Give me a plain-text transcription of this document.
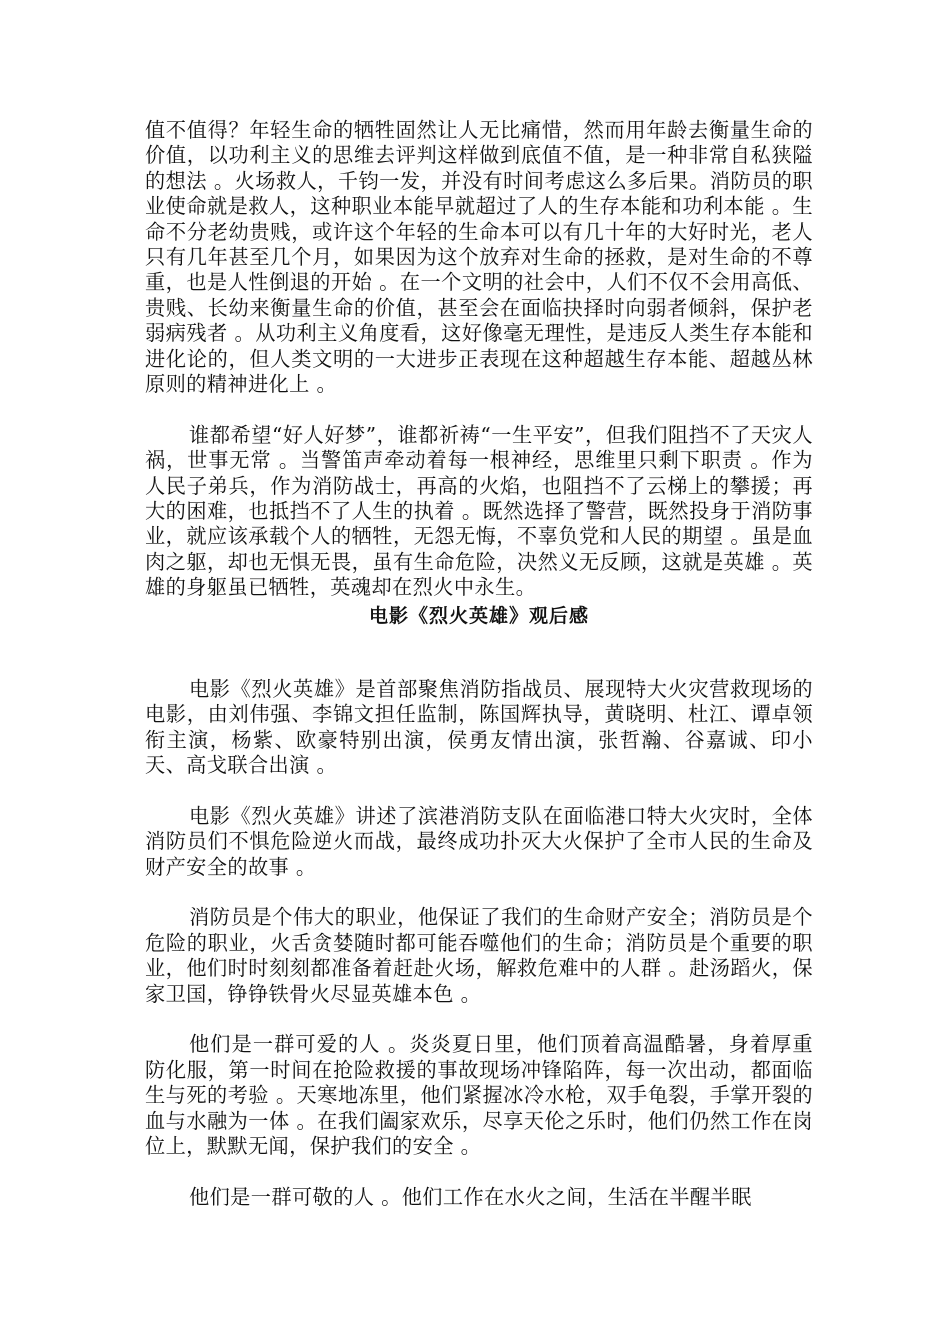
值不值得？年轻生命的牺牲固然让人无比痛惜，然而用年龄去衡量生命的价值，以功利主义的思维去评判这样做到底值不值，是一种非常自私狭隘的想法 。火场救人，千钧一发，并没有时间考虑这么多后果。消防员的职业使命就是救人，这种职业本能早就超过了人的生存本能和功利本能 。生命不分老幼贵贱，或许这个年轻的生命本可以有几十年的大好时光，老人只有几年甚至几个月，如果因为这个放弃对生命的拯救，是对生命的不尊重，也是人性倒退的开始 。在一个文明的社会中，人们不仅不会用高低、贵贱、长幼来衡量生命的价值，甚至会在面临抉择时向弱者倾斜，保护老弱病残者 。从功利主义角度看，这好像毫无理性，是违反人类生存本能和进化论的，但人类文明的一大进步正表现在这种超越生存本能、超越丛林原则的精神进化上 。

谁都希望“好人好梦”，谁都祈祷“一生平安”，但我们阻挡不了天灾人祸，世事无常 。当警笛声牵动着每一根神经，思维里只剩下职责 。作为人民子弟兵，作为消防战士，再高的火焰，也阻挡不了云梯上的攀援；再大的困难，也抵挡不了人生的执着 。既然选择了警营，既然投身于消防事业，就应该承载个人的牺牲，无怨无悔，不辜负党和人民的期望 。虽是血肉之躯，却也无惧无畏，虽有生命危险，决然义无反顾，这就是英雄 。英雄的身躯虽已牺牲，英魂却在烈火中永生。

电影《烈火英雄》观后感

电影《烈火英雄》是首部聚焦消防指战员、展现特大火灾营救现场的电影，由刘伟强、李锦文担任监制，陈国辉执导，黄晓明、杜江、谭卓领衔主演，杨紫、欧豪特别出演，侯勇友情出演，张哲瀚、谷嘉诚、印小天、高戈联合出演 。

电影《烈火英雄》讲述了滨港消防支队在面临港口特大火灾时，全体消防员们不惧危险逆火而战，最终成功扑灭大火保护了全市人民的生命及财产安全的故事 。

消防员是个伟大的职业，他保证了我们的生命财产安全；消防员是个危险的职业，火舌贪婪随时都可能吞噬他们的生命；消防员是个重要的职业，他们时时刻刻都准备着赶赴火场，解救危难中的人群 。赴汤蹈火，保家卫国，铮铮铁骨火尽显英雄本色 。

他们是一群可爱的人 。炎炎夏日里，他们顶着高温酷暑，身着厚重防化服，第一时间在抢险救援的事故现场冲锋陷阵，每一次出动，都面临生与死的考验 。天寒地冻里，他们紧握冰冷水枪，双手龟裂，手掌开裂的血与水融为一体 。在我们阖家欢乐，尽享天伦之乐时，他们仍然工作在岗位上，默默无闻，保护我们的安全 。

他们是一群可敬的人 。他们工作在水火之间，生活在半醒半眠
